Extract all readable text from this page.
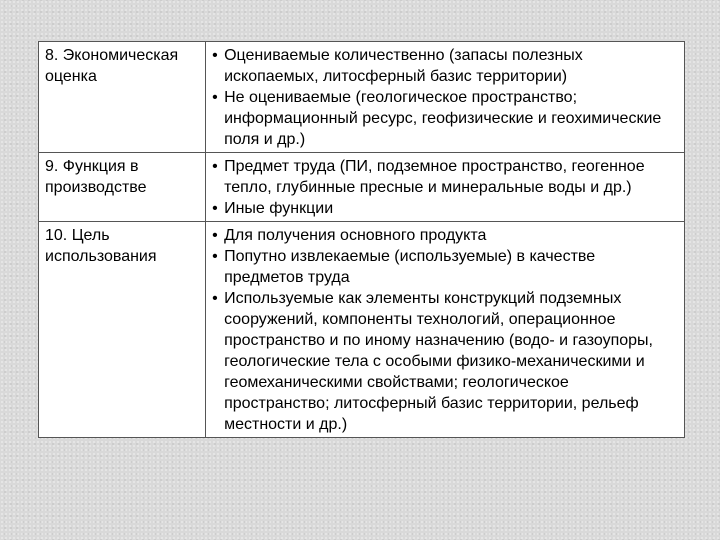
8. Экономическая оценка	• Оцениваемые количественно (запасы полезных ископаемых, литосферный базис территории)
• Не оцениваемые (геологическое пространство; информационный ресурс, геофизические и геохимические поля и др.)

9. Функция в производстве	• Предмет труда (ПИ, подземное пространство, геогенное тепло, глубинные пресные и минеральные воды и др.)
• Иные функции

10. Цель использования	• Для получения основного продукта
• Попутно извлекаемые (используемые) в качестве предметов труда
• Используемые как элементы конструкций подземных сооружений, компоненты технологий, операционное пространство и по иному назначению (водо- и газоупоры, геологические тела с особыми физико-механическими и геомеханическими свойствами; геологическое пространство; литосферный базис территории, рельеф местности и др.)
